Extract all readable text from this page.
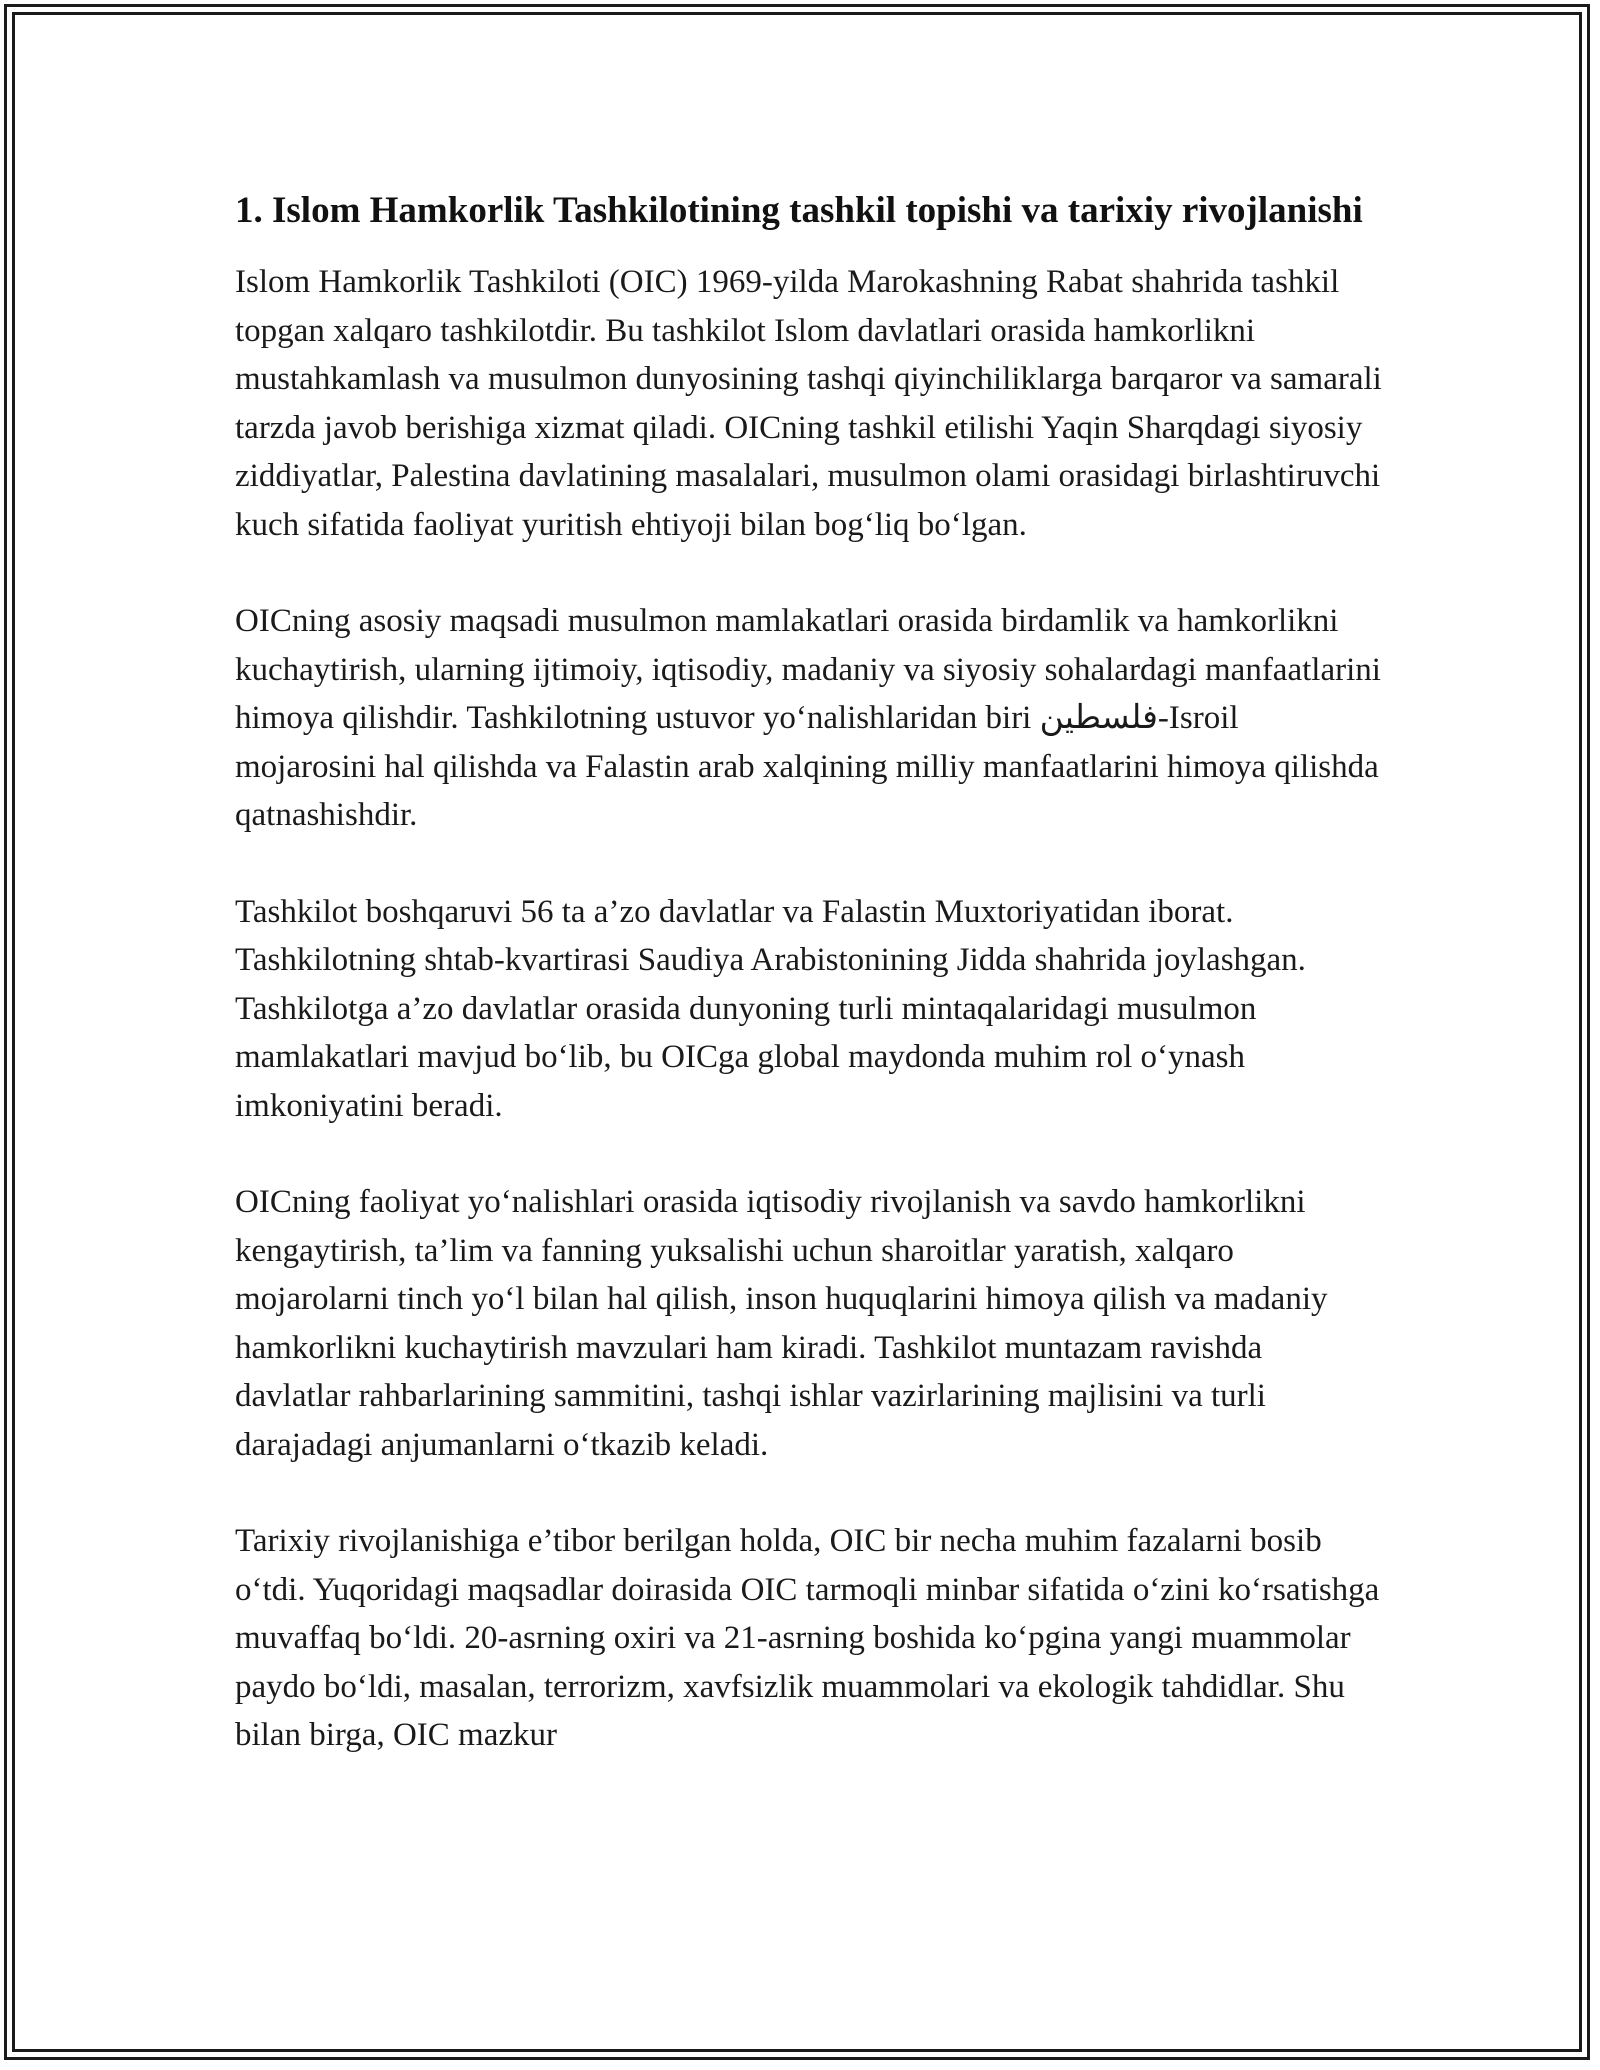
1. Islom Hamkorlik Tashkilotining tashkil topishi va tarixiy rivojlanishi

Islom Hamkorlik Tashkiloti (OIC) 1969-yilda Marokashning Rabat shahrida tashkil topgan xalqaro tashkilotdir. Bu tashkilot Islom davlatlari orasida hamkorlikni mustahkamlash va musulmon dunyosining tashqi qiyinchiliklarga barqaror va samarali tarzda javob berishiga xizmat qiladi. OICning tashkil etilishi Yaqin Sharqdagi siyosiy ziddiyatlar, Palestina davlatining masalalari, musulmon olami orasidagi birlashtiruvchi kuch sifatida faoliyat yuritish ehtiyoji bilan bog‘liq bo‘lgan.

OICning asosiy maqsadi musulmon mamlakatlari orasida birdamlik va hamkorlikni kuchaytirish, ularning ijtimoiy, iqtisodiy, madaniy va siyosiy sohalardagi manfaatlarini himoya qilishdir. Tashkilotning ustuvor yo‘nalishlaridan biri فلسطين-Isroil mojarosini hal qilishda va Falastin arab xalqining milliy manfaatlarini himoya qilishda qatnashishdir.

Tashkilot boshqaruvi 56 ta a’zo davlatlar va Falastin Muxtoriyatidan iborat. Tashkilotning shtab-kvartirasi Saudiya Arabistonining Jidda shahrida joylashgan. Tashkilotga a’zo davlatlar orasida dunyoning turli mintaqalaridagi musulmon mamlakatlari mavjud bo‘lib, bu OICga global maydonda muhim rol o‘ynash imkoniyatini beradi.

OICning faoliyat yo‘nalishlari orasida iqtisodiy rivojlanish va savdo hamkorlikni kengaytirish, ta’lim va fanning yuksalishi uchun sharoitlar yaratish, xalqaro mojarolarni tinch yo‘l bilan hal qilish, inson huquqlarini himoya qilish va madaniy hamkorlikni kuchaytirish mavzulari ham kiradi. Tashkilot muntazam ravishda davlatlar rahbarlarining sammitini, tashqi ishlar vazirlarining majlisini va turli darajadagi anjumanlarni o‘tkazib keladi.

Tarixiy rivojlanishiga e’tibor berilgan holda, OIC bir necha muhim fazalarni bosib o‘tdi. Yuqoridagi maqsadlar doirasida OIC tarmoqli minbar sifatida o‘zini ko‘rsatishga muvaffaq bo‘ldi. 20-asrning oxiri va 21-asrning boshida ko‘pgina yangi muammolar paydo bo‘ldi, masalan, terrorizm, xavfsizlik muammolari va ekologik tahdidlar. Shu bilan birga, OIC mazkur
